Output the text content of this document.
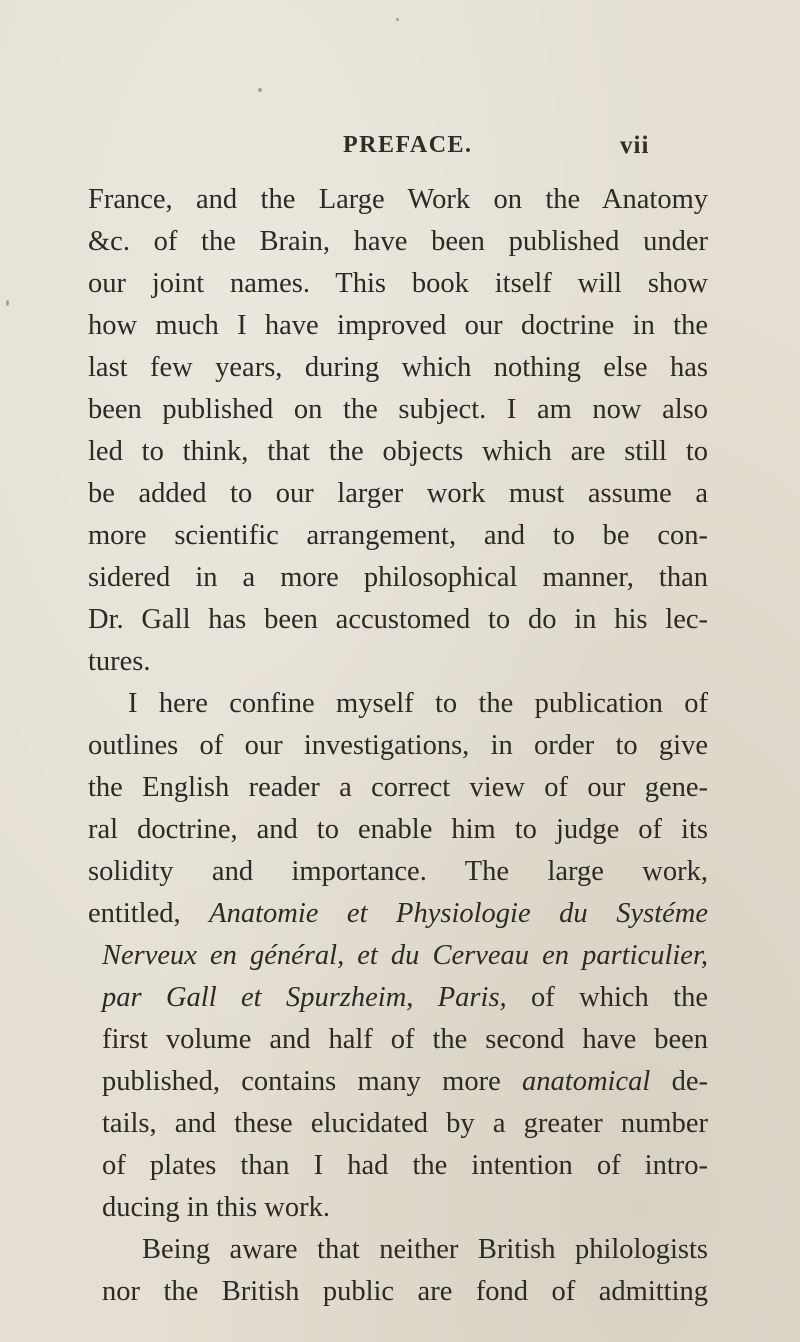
PREFACE.	vii
France, and the Large Work on the Anatomy
&c. of the Brain, have been published under
our joint names. This book itself will show
how much I have improved our doctrine in the
last few years, during which nothing else has
been published on the subject. I am now also
led to think, that the objects which are still to
be added to our larger work must assume a
more scientific arrangement, and to be con-
sidered in a more philosophical manner, than
Dr. Gall has been accustomed to do in his lec-
tures.
I here confine myself to the publication of
outlines of our investigations, in order to give
the English reader a correct view of our gene-
ral doctrine, and to enable him to judge of its
solidity and importance. The large work,
entitled, Anatomie et Physiologie du Systéme
Nerveux en général, et du Cerveau en particulier,
par Gall et Spurzheim, Paris, of which the
first volume and half of the second have been
published, contains many more anatomical de-
tails, and these elucidated by a greater number
of plates than I had the intention of intro-
ducing in this work.
Being aware that neither British philologists
nor the British public are fond of admitting
